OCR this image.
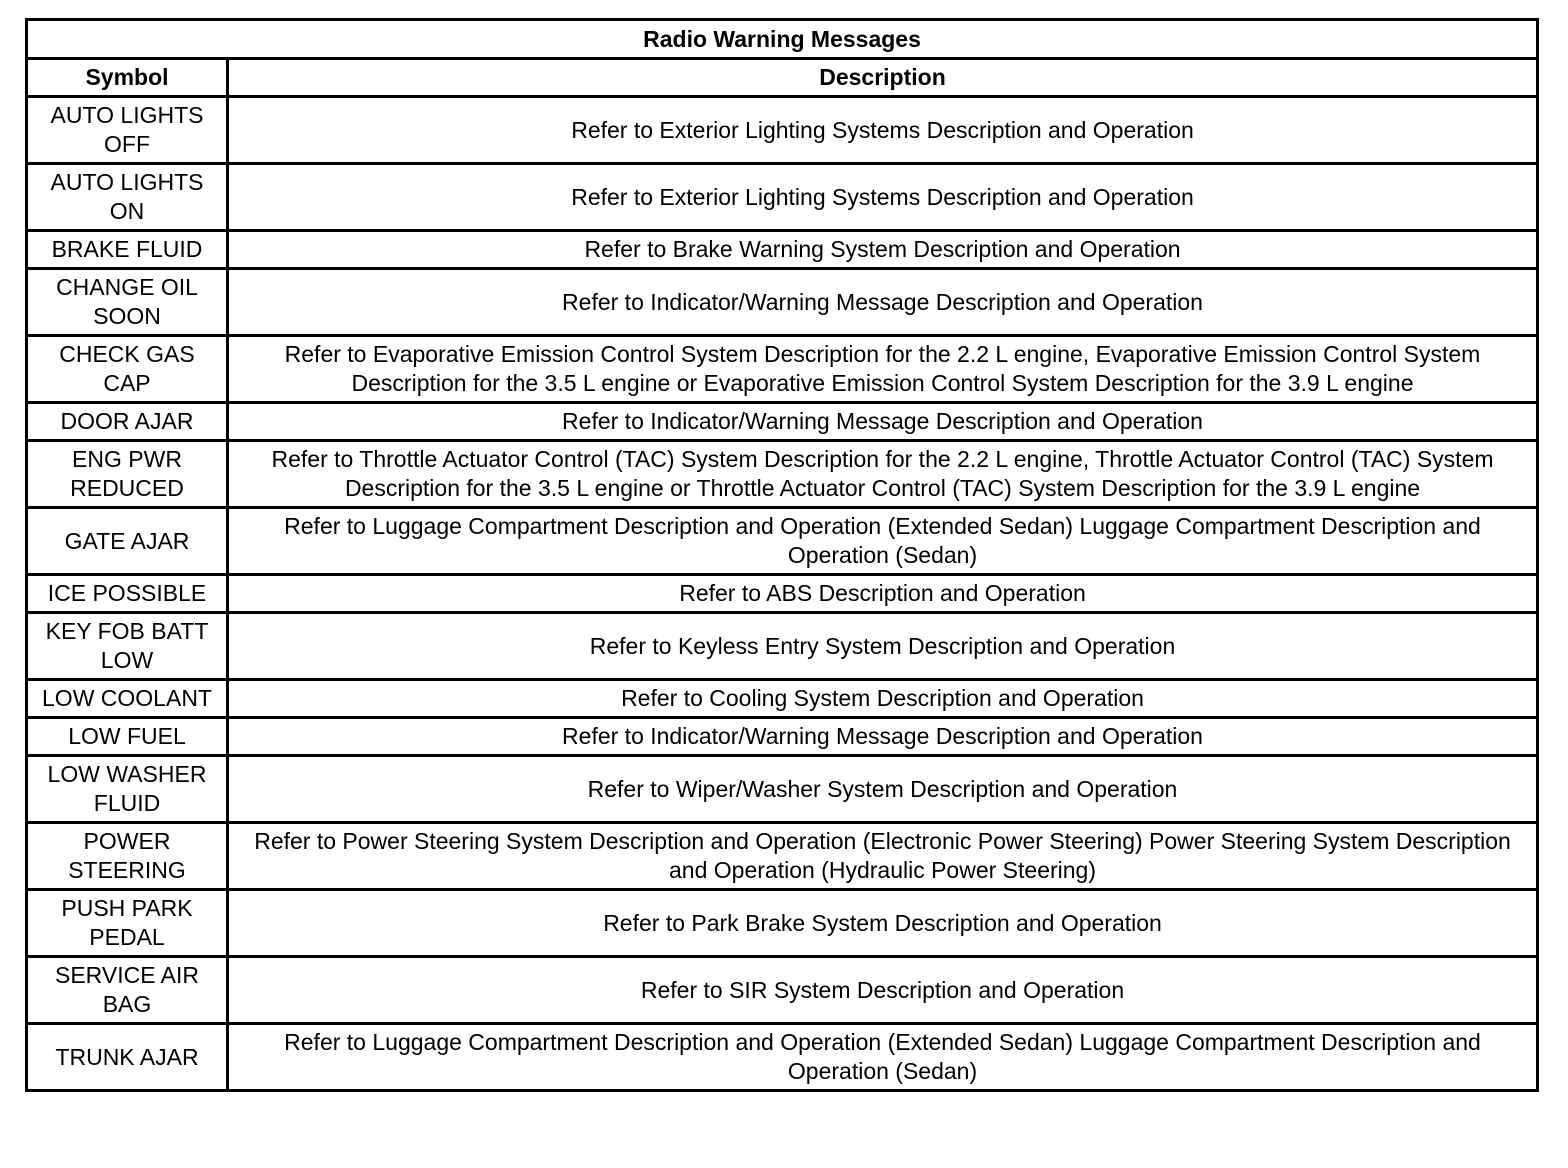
Radio Warning Messages	
Symbol	Description
AUTO LIGHTS OFF	Refer to Exterior Lighting Systems Description and Operation
AUTO LIGHTS ON	Refer to Exterior Lighting Systems Description and Operation
BRAKE FLUID	Refer to Brake Warning System Description and Operation
CHANGE OIL SOON	Refer to Indicator/Warning Message Description and Operation
CHECK GAS CAP	Refer to Evaporative Emission Control System Description for the 2.2 L engine, Evaporative Emission Control System Description for the 3.5 L engine or Evaporative Emission Control System Description for the 3.9 L engine
DOOR AJAR	Refer to Indicator/Warning Message Description and Operation
ENG PWR REDUCED	Refer to Throttle Actuator Control (TAC) System Description for the 2.2 L engine, Throttle Actuator Control (TAC) System Description for the 3.5 L engine or Throttle Actuator Control (TAC) System Description for the 3.9 L engine
GATE AJAR	Refer to Luggage Compartment Description and Operation (Extended Sedan) Luggage Compartment Description and Operation (Sedan)
ICE POSSIBLE	Refer to ABS Description and Operation
KEY FOB BATT LOW	Refer to Keyless Entry System Description and Operation
LOW COOLANT	Refer to Cooling System Description and Operation
LOW FUEL	Refer to Indicator/Warning Message Description and Operation
LOW WASHER FLUID	Refer to Wiper/Washer System Description and Operation
POWER STEERING	Refer to Power Steering System Description and Operation (Electronic Power Steering) Power Steering System Description and Operation (Hydraulic Power Steering)
PUSH PARK PEDAL	Refer to Park Brake System Description and Operation
SERVICE AIR BAG	Refer to SIR System Description and Operation
TRUNK AJAR	Refer to Luggage Compartment Description and Operation (Extended Sedan) Luggage Compartment Description and Operation (Sedan)
